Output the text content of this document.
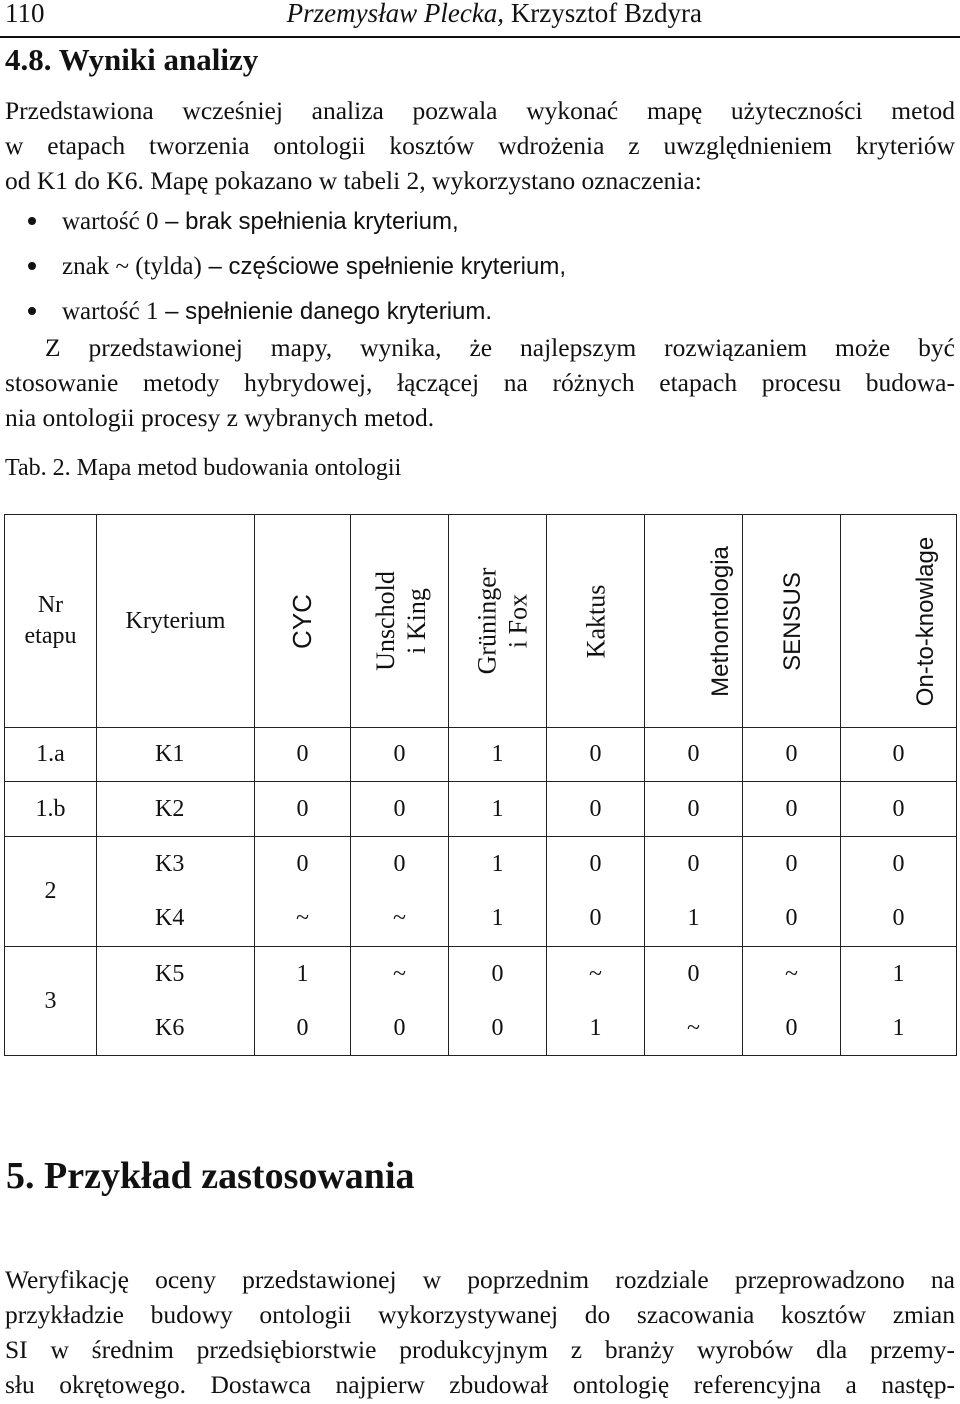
110	Przemysław Plecka, Krzysztof Bzdyra
4.8. Wyniki analizy
Przedstawiona wcześniej analiza pozwala wykonać mapę użyteczności metod
w etapach tworzenia ontologii kosztów wdrożenia z uwzględnieniem kryteriów
od K1 do K6. Mapę pokazano w tabeli 2, wykorzystano oznaczenia:
wartość 0 – brak spełnienia kryterium,
znak ~ (tylda) – częściowe spełnienie kryterium,
wartość 1 – spełnienie danego kryterium.
Z przedstawionej mapy, wynika, że najlepszym rozwiązaniem może być
stosowanie metody hybrydowej, łączącej na różnych etapach procesu budowa-
nia ontologii procesy z wybranych metod.
Tab. 2. Mapa metod budowania ontologii
Nr
etapu	Kryterium	CYC	Unschold i King	Grüninger i Fox	Kaktus	Methontologia	SENSUS	On-to-knowlage
1.a	K1	0	0	1	0	0	0	0
1.b	K2	0	0	1	0	0	0	0
2	K3	0	0	1	0	0	0	0
	K4	~	~	1	0	1	0	0
3	K5	1	~	0	~	0	~	1
	K6	0	0	0	1	~	0	1
5. Przykład zastosowania
Weryfikację oceny przedstawionej w poprzednim rozdziale przeprowadzono na
przykładzie budowy ontologii wykorzystywanej do szacowania kosztów zmian
SI w średnim przedsiębiorstwie produkcyjnym z branży wyrobów dla przemy-
słu okrętowego. Dostawca najpierw zbudował ontologię referencyjna a następ-
